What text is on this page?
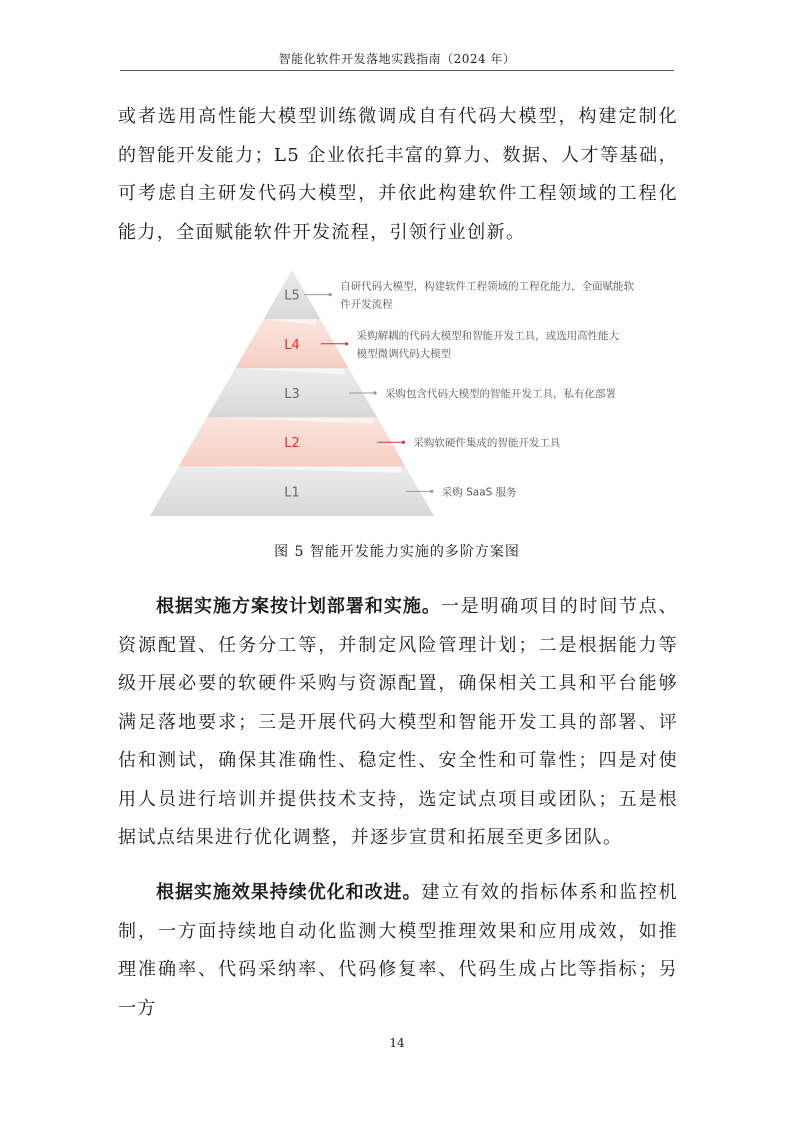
智能化软件开发落地实践指南（2024 年）

或者选用高性能大模型训练微调成自有代码大模型，构建定制化的智能开发能力；L5 企业依托丰富的算力、数据、人才等基础，可考虑自主研发代码大模型，并依此构建软件工程领域的工程化能力，全面赋能软件开发流程，引领行业创新。

L5
L4
L3
L2
L1
自研代码大模型，构建软件工程领域的工程化能力，全面赋能软
件开发流程
采购解耦的代码大模型和智能开发工具，或选用高性能大
模型微调代码大模型
采购包含代码大模型的智能开发工具，私有化部署
采购软硬件集成的智能开发工具
采购 SaaS 服务
图 5 智能开发能力实施的多阶方案图

根据实施方案按计划部署和实施。一是明确项目的时间节点、资源配置、任务分工等，并制定风险管理计划；二是根据能力等级开展必要的软硬件采购与资源配置，确保相关工具和平台能够满足落地要求；三是开展代码大模型和智能开发工具的部署、评估和测试，确保其准确性、稳定性、安全性和可靠性；四是对使用人员进行培训并提供技术支持，选定试点项目或团队；五是根据试点结果进行优化调整，并逐步宣贯和拓展至更多团队。

根据实施效果持续优化和改进。建立有效的指标体系和监控机制，一方面持续地自动化监测大模型推理效果和应用成效，如推理准确率、代码采纳率、代码修复率、代码生成占比等指标；另一方

14
